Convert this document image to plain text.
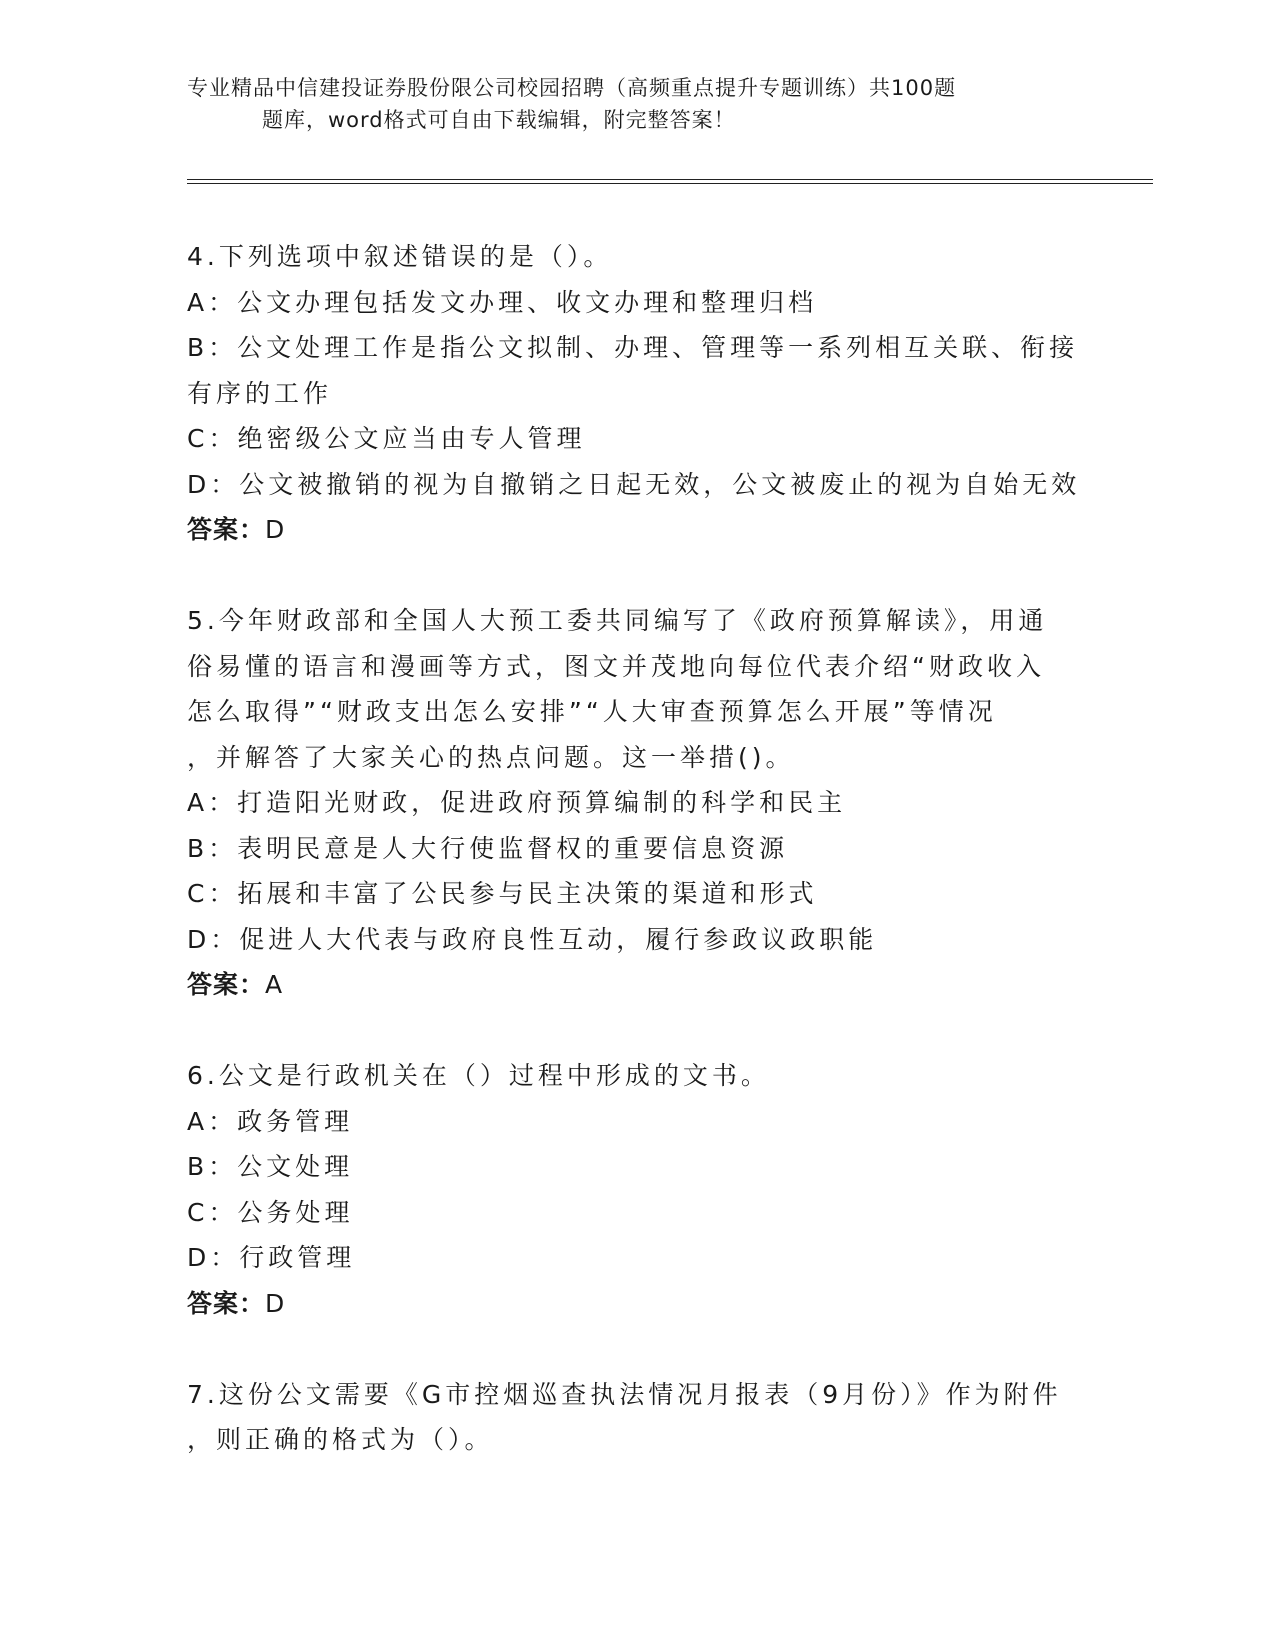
专业精品中信建投证券股份限公司校园招聘（高频重点提升专题训练）共100题
题库，word格式可自由下载编辑，附完整答案！
4.下列选项中叙述错误的是（）。
A：公文办理包括发文办理、收文办理和整理归档
B：公文处理工作是指公文拟制、办理、管理等一系列相互关联、衔接
有序的工作
C：绝密级公文应当由专人管理
D：公文被撤销的视为自撤销之日起无效，公文被废止的视为自始无效
答案：D
5.今年财政部和全国人大预工委共同编写了《政府预算解读》，用通
俗易懂的语言和漫画等方式，图文并茂地向每位代表介绍“财政收入
怎么取得”“财政支出怎么安排”“人大审查预算怎么开展”等情况
，并解答了大家关心的热点问题。这一举措()。
A：打造阳光财政，促进政府预算编制的科学和民主
B：表明民意是人大行使监督权的重要信息资源
C：拓展和丰富了公民参与民主决策的渠道和形式
D：促进人大代表与政府良性互动，履行参政议政职能
答案：A
6.公文是行政机关在（）过程中形成的文书。
A：政务管理
B：公文处理
C：公务处理
D：行政管理
答案：D
7.这份公文需要《G市控烟巡查执法情况月报表（9月份）》作为附件
，则正确的格式为（）。
